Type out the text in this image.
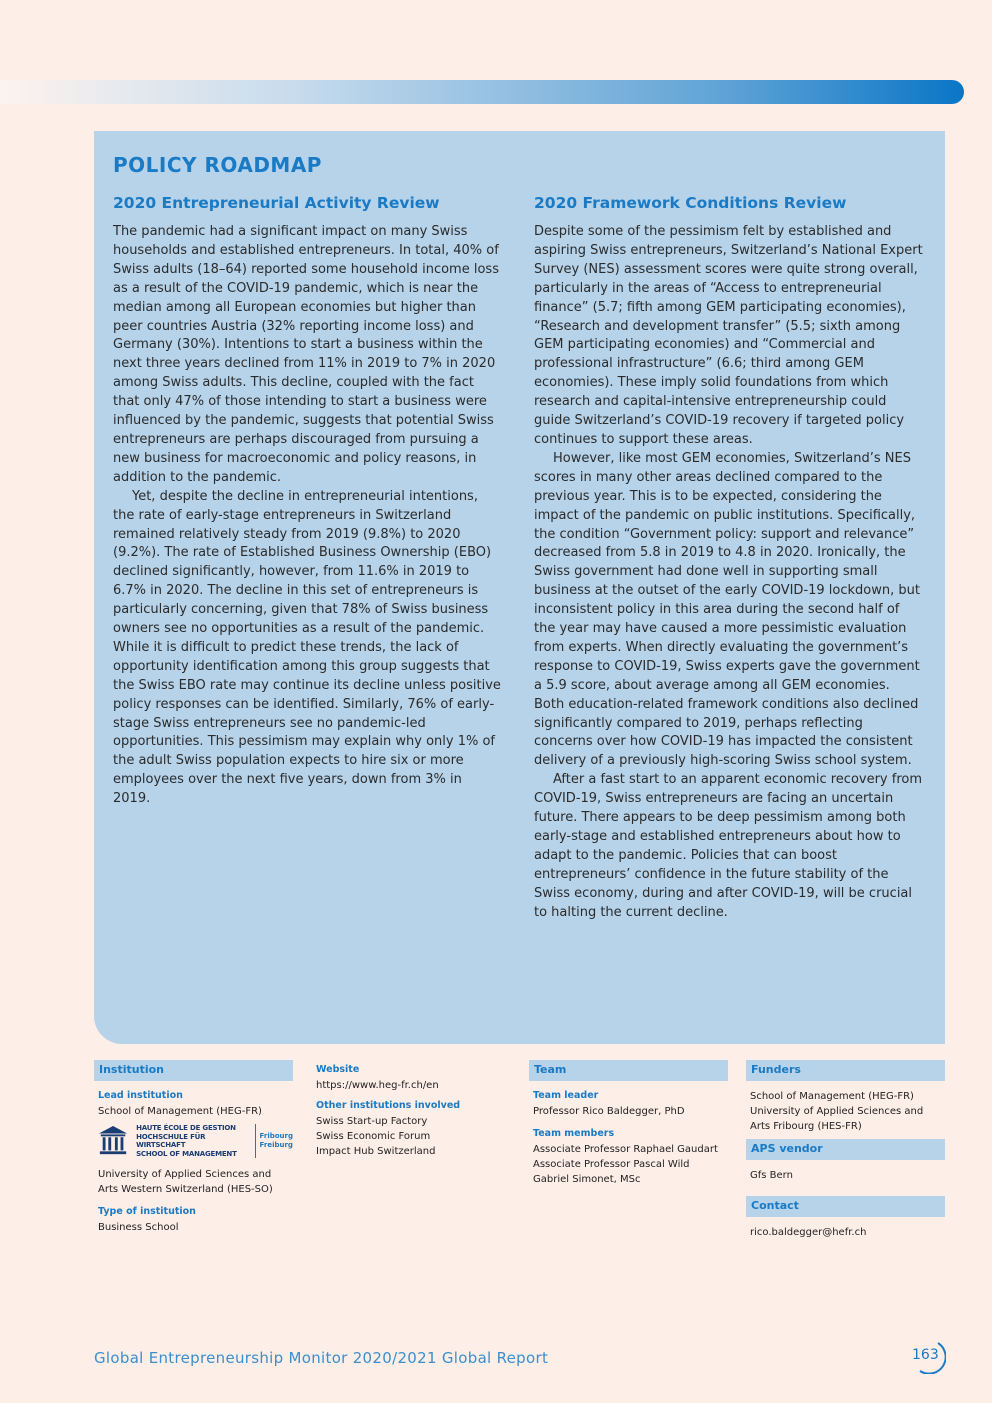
POLICY ROADMAP
2020 Entrepreneurial Activity Review

The pandemic had a significant impact on many Swiss households and established entrepreneurs. In total, 40% of Swiss adults (18–64) reported some household income loss as a result of the COVID-19 pandemic, which is near the median among all European economies but higher than peer countries Austria (32% reporting income loss) and Germany (30%). Intentions to start a business within the next three years declined from 11% in 2019 to 7% in 2020 among Swiss adults. This decline, coupled with the fact that only 47% of those intending to start a business were influenced by the pandemic, suggests that potential Swiss entrepreneurs are perhaps discouraged from pursuing a new business for macroeconomic and policy reasons, in addition to the pandemic.

Yet, despite the decline in entrepreneurial intentions, the rate of early-stage entrepreneurs in Switzerland remained relatively steady from 2019 (9.8%) to 2020 (9.2%). The rate of Established Business Ownership (EBO) declined significantly, however, from 11.6% in 2019 to 6.7% in 2020. The decline in this set of entrepreneurs is particularly concerning, given that 78% of Swiss business owners see no opportunities as a result of the pandemic. While it is difficult to predict these trends, the lack of opportunity identification among this group suggests that the Swiss EBO rate may continue its decline unless positive policy responses can be identified. Similarly, 76% of early-stage Swiss entrepreneurs see no pandemic-led opportunities. This pessimism may explain why only 1% of the adult Swiss population expects to hire six or more employees over the next five years, down from 3% in 2019.

2020 Framework Conditions Review

Despite some of the pessimism felt by established and aspiring Swiss entrepreneurs, Switzerland’s National Expert Survey (NES) assessment scores were quite strong overall, particularly in the areas of “Access to entrepreneurial finance” (5.7; fifth among GEM participating economies), “Research and development transfer” (5.5; sixth among GEM participating economies) and “Commercial and professional infrastructure” (6.6; third among GEM economies). These imply solid foundations from which research and capital-intensive entrepreneurship could guide Switzerland’s COVID-19 recovery if targeted policy continues to support these areas.

However, like most GEM economies, Switzerland’s NES scores in many other areas declined compared to the previous year. This is to be expected, considering the impact of the pandemic on public institutions. Specifically, the condition “Government policy: support and relevance” decreased from 5.8 in 2019 to 4.8 in 2020. Ironically, the Swiss government had done well in supporting small business at the outset of the early COVID-19 lockdown, but inconsistent policy in this area during the second half of the year may have caused a more pessimistic evaluation from experts. When directly evaluating the government’s response to COVID-19, Swiss experts gave the government a 5.9 score, about average among all GEM economies. Both education-related framework conditions also declined significantly compared to 2019, perhaps reflecting concerns over how COVID-19 has impacted the consistent delivery of a previously high-scoring Swiss school system.

After a fast start to an apparent economic recovery from COVID-19, Swiss entrepreneurs are facing an uncertain future. There appears to be deep pessimism among both early-stage and established entrepreneurs about how to adapt to the pandemic. Policies that can boost entrepreneurs’ confidence in the future stability of the Swiss economy, during and after COVID-19, will be crucial to halting the current decline.

Institution
Lead institution
School of Management (HEG-FR)
HAUTE ÉCOLE DE GESTION
HOCHSCHULE FÜR WIRTSCHAFT
SCHOOL OF MANAGEMENT
Fribourg
Freiburg
University of Applied Sciences and
Arts Western Switzerland (HES-SO)
Type of institution
Business School
Website
https://www.heg-fr.ch/en
Other institutions involved
Swiss Start-up Factory
Swiss Economic Forum
Impact Hub Switzerland
Team
Team leader
Professor Rico Baldegger, PhD
Team members
Associate Professor Raphael Gaudart
Associate Professor Pascal Wild
Gabriel Simonet, MSc
Funders
School of Management (HEG-FR)
University of Applied Sciences and
Arts Fribourg (HES-FR)
APS vendor
Gfs Bern
Contact
rico.baldegger@hefr.ch
Global Entrepreneurship Monitor 2020/2021 Global Report	163
